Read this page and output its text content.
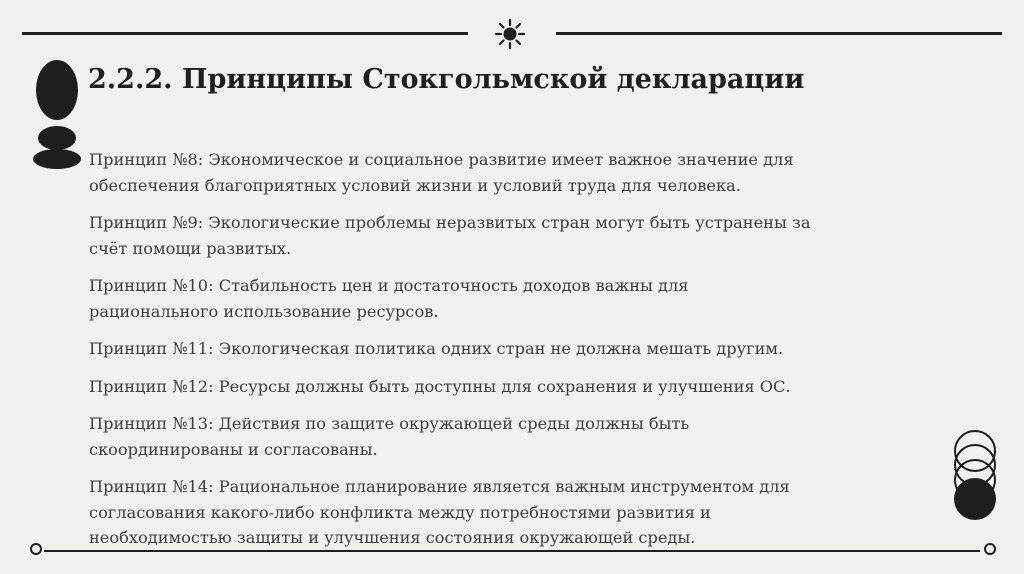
2.2.2. Принципы Стокгольмской декларации
Принцип №8: Экономическое и социальное развитие имеет важное значение для
обеспечения благоприятных условий жизни и условий труда для человека.
Принцип №9: Экологические проблемы неразвитых стран могут быть устранены за
счёт помощи развитых.
Принцип №10: Стабильность цен и достаточность доходов важны для
рационального использование ресурсов.
Принцип №11: Экологическая политика одних стран не должна мешать другим.
Принцип №12: Ресурсы должны быть доступны для сохранения и улучшения ОС.
Принцип №13: Действия по защите окружающей среды должны быть
скоординированы и согласованы.
Принцип №14: Рациональное планирование является важным инструментом для
согласования какого-либо конфликта между потребностями развития и
необходимостью защиты и улучшения состояния окружающей среды.
